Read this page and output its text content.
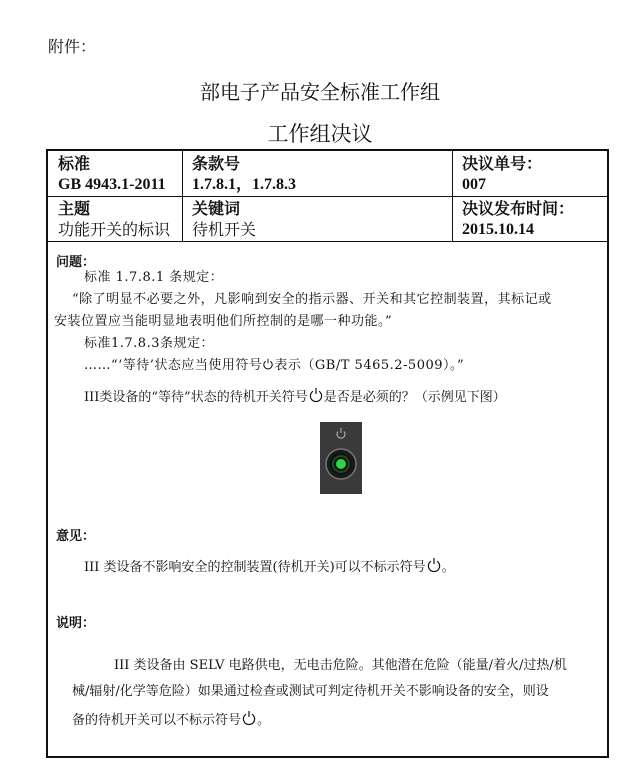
附件：
部电子产品安全标准工作组
工作组决议
标准
GB 4943.1-2011
条款号
1.7.8.1，1.7.8.3
决议单号：
007
主题
功能开关的标识
关键词
待机开关
决议发布时间：
2015.10.14
问题：
标准 1.7.8.1 条规定：
“除了明显不必要之外，凡影响到安全的指示器、开关和其它控制装置，其标记或
安装位置应当能明显地表明他们所控制的是哪一种功能。”
标准1.7.8.3条规定：
……“‘等待’状态应当使用符号 表示（GB/T 5465.2-5009）。”
III类设备的“等待”状态的待机开关符号 是否是必须的？（示例见下图）
意见：
III 类设备不影响安全的控制装置(待机开关)可以不标示符号 。
说明：
III 类设备由 SELV 电路供电，无电击危险。其他潜在危险（能量/着火/过热/机
械/辐射/化学等危险）如果通过检查或测试可判定待机开关不影响设备的安全，则设
备的待机开关可以不标示符号 。
